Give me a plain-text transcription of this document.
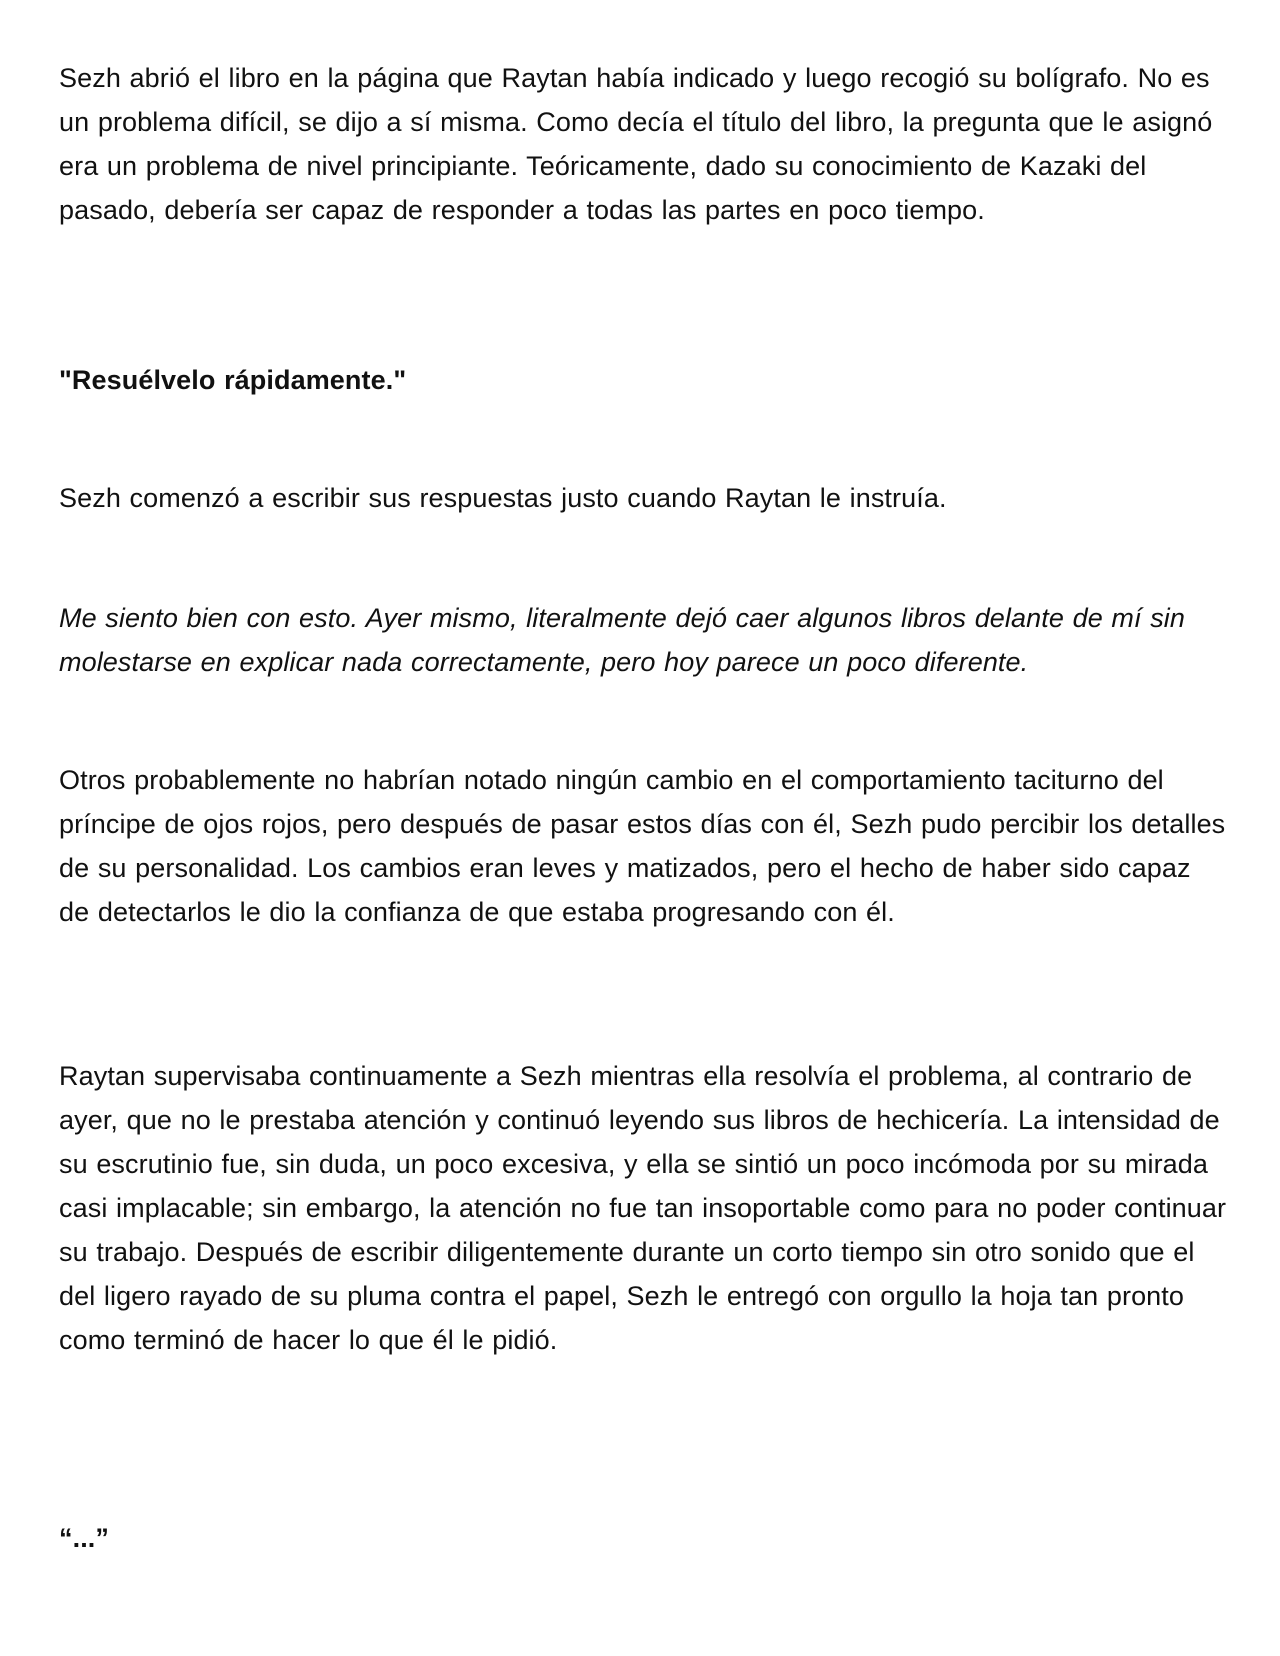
Sezh abrió el libro en la página que Raytan había indicado y luego recogió su bolígrafo. No es un problema difícil, se dijo a sí misma. Como decía el título del libro, la pregunta que le asignó era un problema de nivel principiante. Teóricamente, dado su conocimiento de Kazaki del pasado, debería ser capaz de responder a todas las partes en poco tiempo.

"Resuélvelo rápidamente."

Sezh comenzó a escribir sus respuestas justo cuando Raytan le instruía.

Me siento bien con esto. Ayer mismo, literalmente dejó caer algunos libros delante de mí sin molestarse en explicar nada correctamente, pero hoy parece un poco diferente.

Otros probablemente no habrían notado ningún cambio en el comportamiento taciturno del príncipe de ojos rojos, pero después de pasar estos días con él, Sezh pudo percibir los detalles de su personalidad. Los cambios eran leves y matizados, pero el hecho de haber sido capaz de detectarlos le dio la confianza de que estaba progresando con él.

Raytan supervisaba continuamente a Sezh mientras ella resolvía el problema, al contrario de ayer, que no le prestaba atención y continuó leyendo sus libros de hechicería. La intensidad de su escrutinio fue, sin duda, un poco excesiva, y ella se sintió un poco incómoda por su mirada casi implacable; sin embargo, la atención no fue tan insoportable como para no poder continuar su trabajo. Después de escribir diligentemente durante un corto tiempo sin otro sonido que el del ligero rayado de su pluma contra el papel, Sezh le entregó con orgullo la hoja tan pronto como terminó de hacer lo que él le pidió.

“...”
